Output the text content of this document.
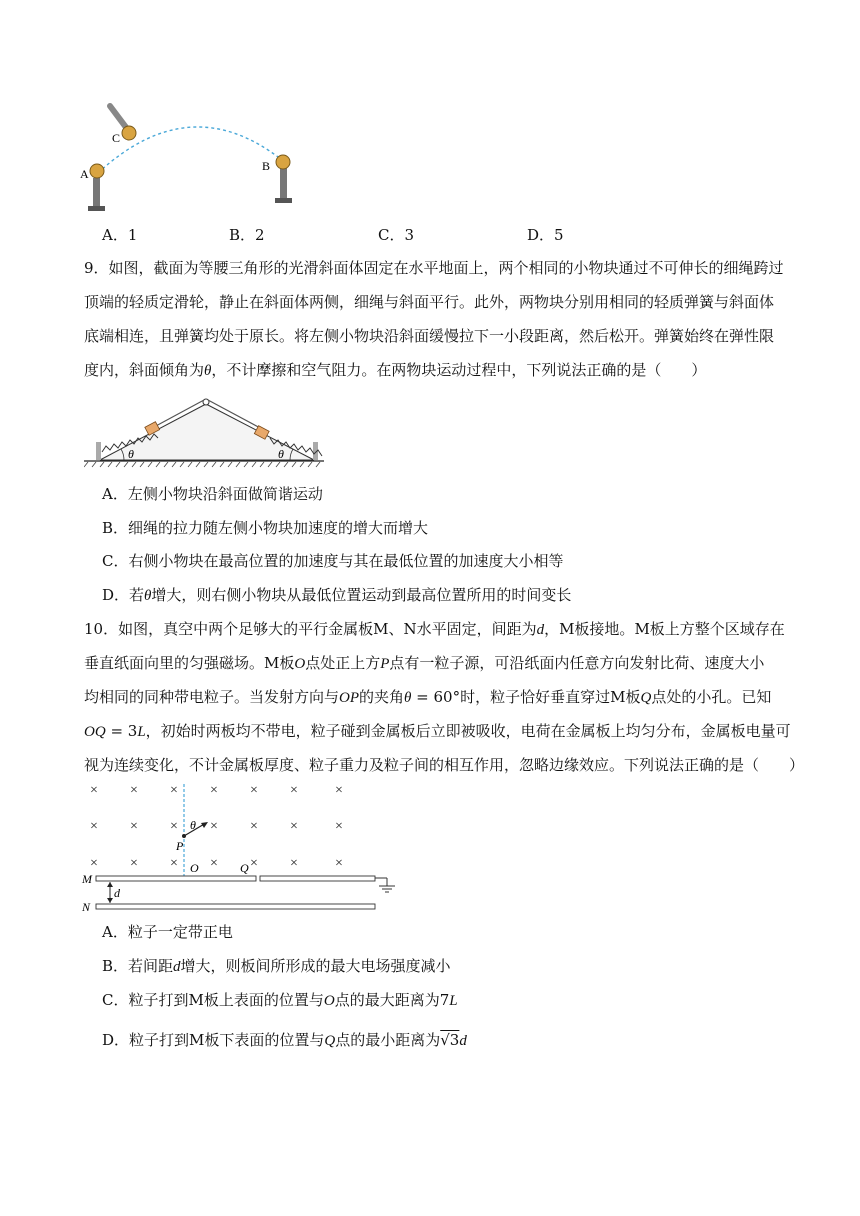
A
C
B
A．1	B．2	C．3	D．5
9．如图，截面为等腰三角形的光滑斜面体固定在水平地面上，两个相同的小物块通过不可伸长的细绳跨过
顶端的轻质定滑轮，静止在斜面体两侧，细绳与斜面平行。此外，两物块分别用相同的轻质弹簧与斜面体
底端相连，且弹簧均处于原长。将左侧小物块沿斜面缓慢拉下一小段距离，然后松开。弹簧始终在弹性限
度内，斜面倾角为θ，不计摩擦和空气阻力。在两物块运动过程中，下列说法正确的是（　　）
θ	θ
A．左侧小物块沿斜面做简谐运动
B．细绳的拉力随左侧小物块加速度的增大而增大
C．右侧小物块在最高位置的加速度与其在最低位置的加速度大小相等
D．若θ增大，则右侧小物块从最低位置运动到最高位置所用的时间变长
10．如图，真空中两个足够大的平行金属板M、N水平固定，间距为d，M板接地。M板上方整个区域存在
垂直纸面向里的匀强磁场。M板O点处正上方P点有一粒子源，可沿纸面内任意方向发射比荷、速度大小
均相同的同种带电粒子。当发射方向与OP的夹角θ = 60°时，粒子恰好垂直穿过M板Q点处的小孔。已知
OQ = 3L，初始时两板均不带电，粒子碰到金属板后立即被吸收，电荷在金属板上均匀分布，金属板电量可
视为连续变化，不计金属板厚度、粒子重力及粒子间的相互作用，忽略边缘效应。下列说法正确的是（　　）
× × × × × ×	×
× × × × × ×	×
× × × × × ×	×
θ
P
O	Q
M
N
d
A．粒子一定带正电
B．若间距d增大，则板间所形成的最大电场强度减小
C．粒子打到M板上表面的位置与O点的最大距离为7L
D．粒子打到M板下表面的位置与Q点的最小距离为√3d
